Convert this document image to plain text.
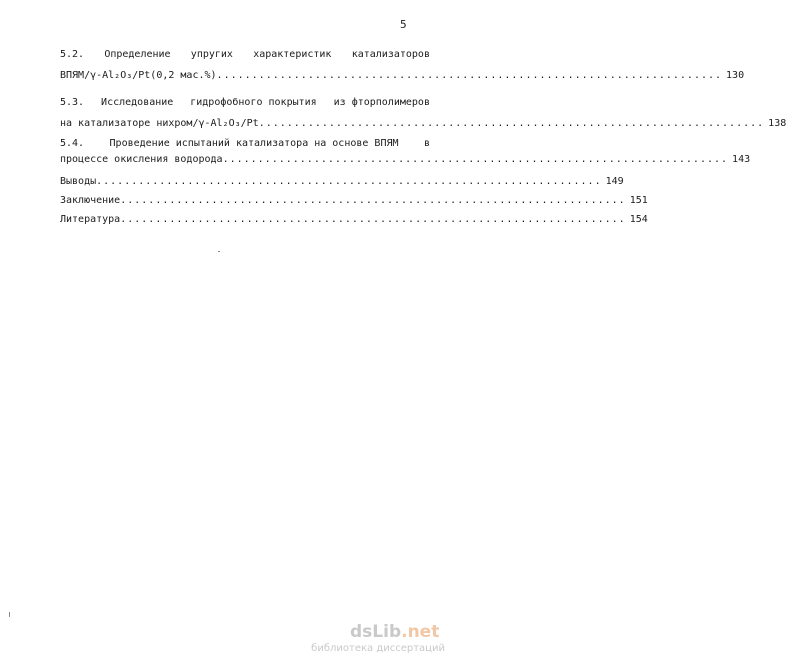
5
5.2. Определение упругих характеристик катализаторов
ВПЯМ/γ-Al₂O₃/Pt(0,2 мас.%) ........................................................................ 130
5.3. Исследование гидрофобного покрытия из фторполимеров
на катализаторе нихром/γ-Al₂O₃/Pt ........................................................................ 138
5.4.	Проведение испытаний катализатора на основе ВПЯМ	в
процессе окисления водорода ........................................................................ 143
Выводы ........................................................................ 149
Заключение ........................................................................ 151
Литература ........................................................................ 154
dsLib.net
библиотека диссертаций
